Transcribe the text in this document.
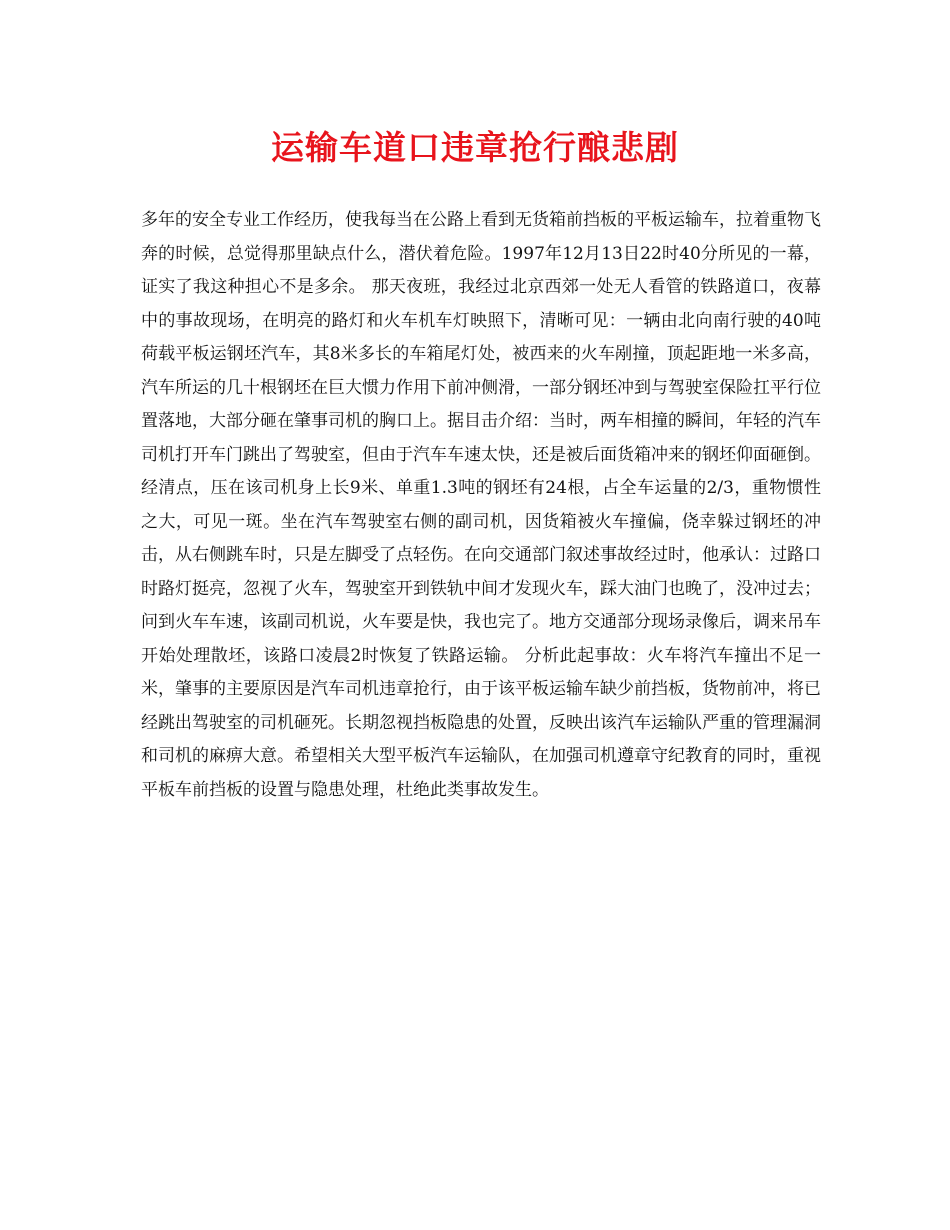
运输车道口违章抢行酿悲剧

多年的安全专业工作经历，使我每当在公路上看到无货箱前挡板的平板运输车，拉着重物飞奔的时候，总觉得那里缺点什么，潜伏着危险。1997年12月13日22时40分所见的一幕，证实了我这种担心不是多余。 那天夜班，我经过北京西郊一处无人看管的铁路道口，夜幕中的事故现场，在明亮的路灯和火车机车灯映照下，清晰可见：一辆由北向南行驶的40吨荷载平板运钢坯汽车，其8米多长的车箱尾灯处，被西来的火车剐撞，顶起距地一米多高，汽车所运的几十根钢坯在巨大惯力作用下前冲侧滑，一部分钢坯冲到与驾驶室保险扛平行位置落地，大部分砸在肇事司机的胸口上。据目击介绍：当时，两车相撞的瞬间，年轻的汽车司机打开车门跳出了驾驶室，但由于汽车车速太快，还是被后面货箱冲来的钢坯仰面砸倒。经清点，压在该司机身上长9米、单重1.3吨的钢坯有24根，占全车运量的2/3，重物惯性之大，可见一斑。坐在汽车驾驶室右侧的副司机，因货箱被火车撞偏，侥幸躲过钢坯的冲击，从右侧跳车时，只是左脚受了点轻伤。在向交通部门叙述事故经过时，他承认：过路口时路灯挺亮，忽视了火车，驾驶室开到铁轨中间才发现火车，踩大油门也晚了，没冲过去；问到火车车速，该副司机说，火车要是快，我也完了。地方交通部分现场录像后，调来吊车开始处理散坯，该路口凌晨2时恢复了铁路运输。 分析此起事故：火车将汽车撞出不足一米，肇事的主要原因是汽车司机违章抢行，由于该平板运输车缺少前挡板，货物前冲，将已经跳出驾驶室的司机砸死。长期忽视挡板隐患的处置，反映出该汽车运输队严重的管理漏洞和司机的麻痹大意。希望相关大型平板汽车运输队，在加强司机遵章守纪教育的同时，重视平板车前挡板的设置与隐患处理，杜绝此类事故发生。
